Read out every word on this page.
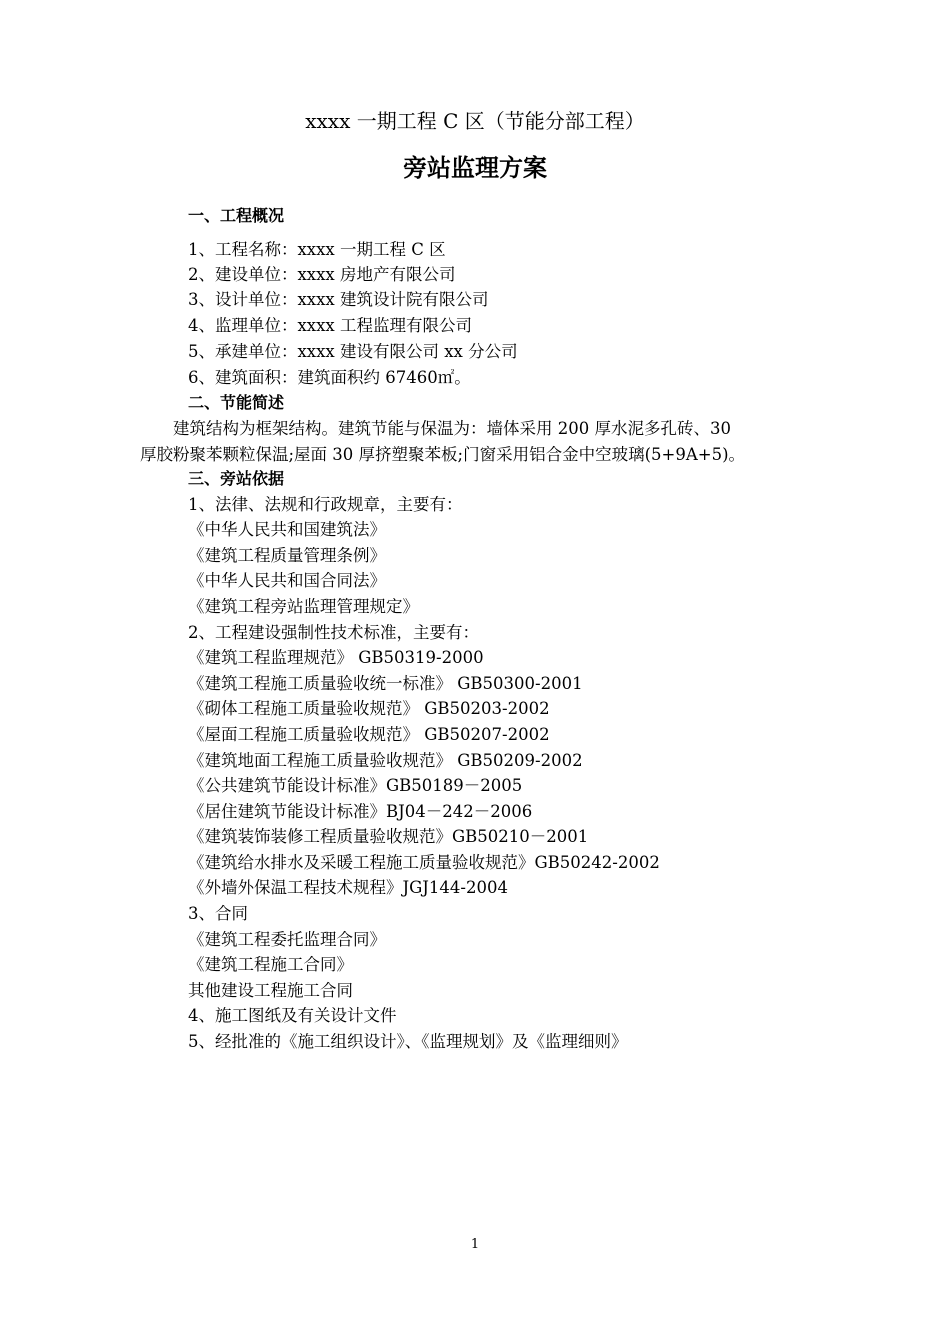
xxxx 一期工程 C 区（节能分部工程）
旁站监理方案
一、工程概况
1、工程名称：xxxx 一期工程 C 区
2、建设单位：xxxx 房地产有限公司
3、设计单位：xxxx 建筑设计院有限公司
4、监理单位：xxxx 工程监理有限公司
5、承建单位：xxxx 建设有限公司 xx 分公司
6、建筑面积：建筑面积约 67460㎡。
二、节能简述
建筑结构为框架结构。建筑节能与保温为：墙体采用 200 厚水泥多孔砖、30
厚胶粉聚苯颗粒保温;屋面 30 厚挤塑聚苯板;门窗采用铝合金中空玻璃(5+9A+5)。
三、旁站依据
1、法律、法规和行政规章，主要有：
《中华人民共和国建筑法》
《建筑工程质量管理条例》
《中华人民共和国合同法》
《建筑工程旁站监理管理规定》
2、工程建设强制性技术标准，主要有：
《建筑工程监理规范》 GB50319-2000
《建筑工程施工质量验收统一标准》 GB50300-2001
《砌体工程施工质量验收规范》 GB50203-2002
《屋面工程施工质量验收规范》 GB50207-2002
《建筑地面工程施工质量验收规范》 GB50209-2002
《公共建筑节能设计标准》GB50189－2005
《居住建筑节能设计标准》BJ04－242－2006
《建筑装饰装修工程质量验收规范》GB50210－2001
《建筑给水排水及采暖工程施工质量验收规范》GB50242-2002
《外墙外保温工程技术规程》JGJ144-2004
3、合同
《建筑工程委托监理合同》
《建筑工程施工合同》
其他建设工程施工合同
4、施工图纸及有关设计文件
5、经批准的《施工组织设计》、《监理规划》及《监理细则》
1
